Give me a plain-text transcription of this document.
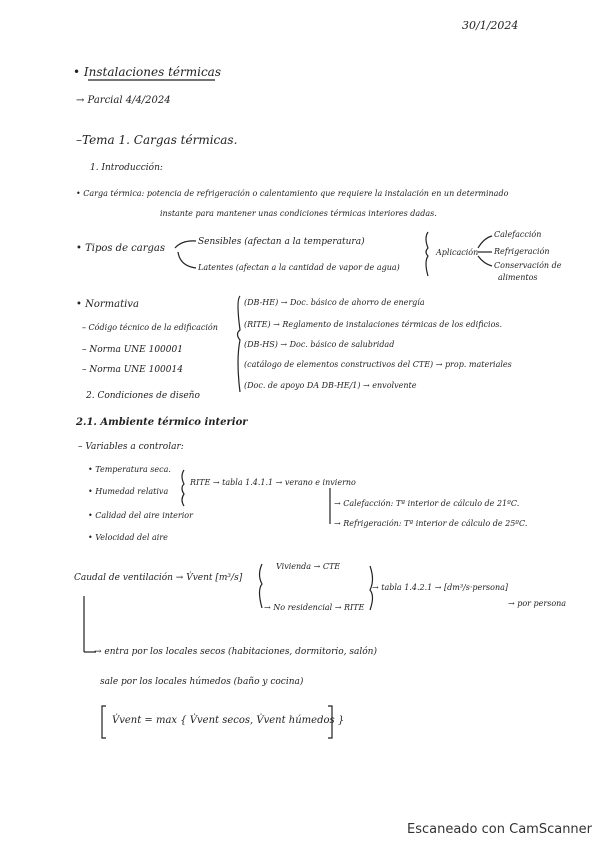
30/1/2024
• Instalaciones térmicas
→ Parcial 4/4/2024
–Tema 1. Cargas térmicas.
1. Introducción:
• Carga térmica: potencia de refrigeración o calentamiento que requiere la instalación en un determinado
instante para mantener unas condiciones térmicas interiores dadas.
• Tipos de cargas
Sensibles (afectan a la temperatura)
Latentes (afectan a la cantidad de vapor de agua)
Aplicación
Calefacción
Refrigeración
Conservación de
alimentos
• Normativa
– Código técnico de la edificación
– Norma UNE 100001
– Norma UNE 100014
(DB-HE) → Doc. básico de ahorro de energía
(RITE) → Reglamento de instalaciones térmicas de los edificios.
(DB-HS) → Doc. básico de salubridad
(catálogo de elementos constructivos del CTE) → prop. materiales
(Doc. de apoyo DA DB-HE/1) → envolvente
2. Condiciones de diseño
2.1. Ambiente térmico interior
– Variables a controlar:
• Temperatura seca.
• Humedad relativa
• Calidad del aire interior
• Velocidad del aire
RITE → tabla 1.4.1.1 → verano e invierno
→ Calefacción: Tª interior de cálculo de 21ºC.
→ Refrigeración: Tª interior de cálculo de 25ºC.
Caudal de ventilación → V̇vent [m³/s]
Vivienda → CTE
→ No residencial → RITE
→ tabla 1.4.2.1 → [dm³/s·persona]
→ por persona
→ entra por los locales secos (habitaciones, dormitorio, salón)
sale por los locales húmedos (baño y cocina)
V̇vent = max { V̇vent secos, V̇vent húmedos }
Escaneado con CamScanner
